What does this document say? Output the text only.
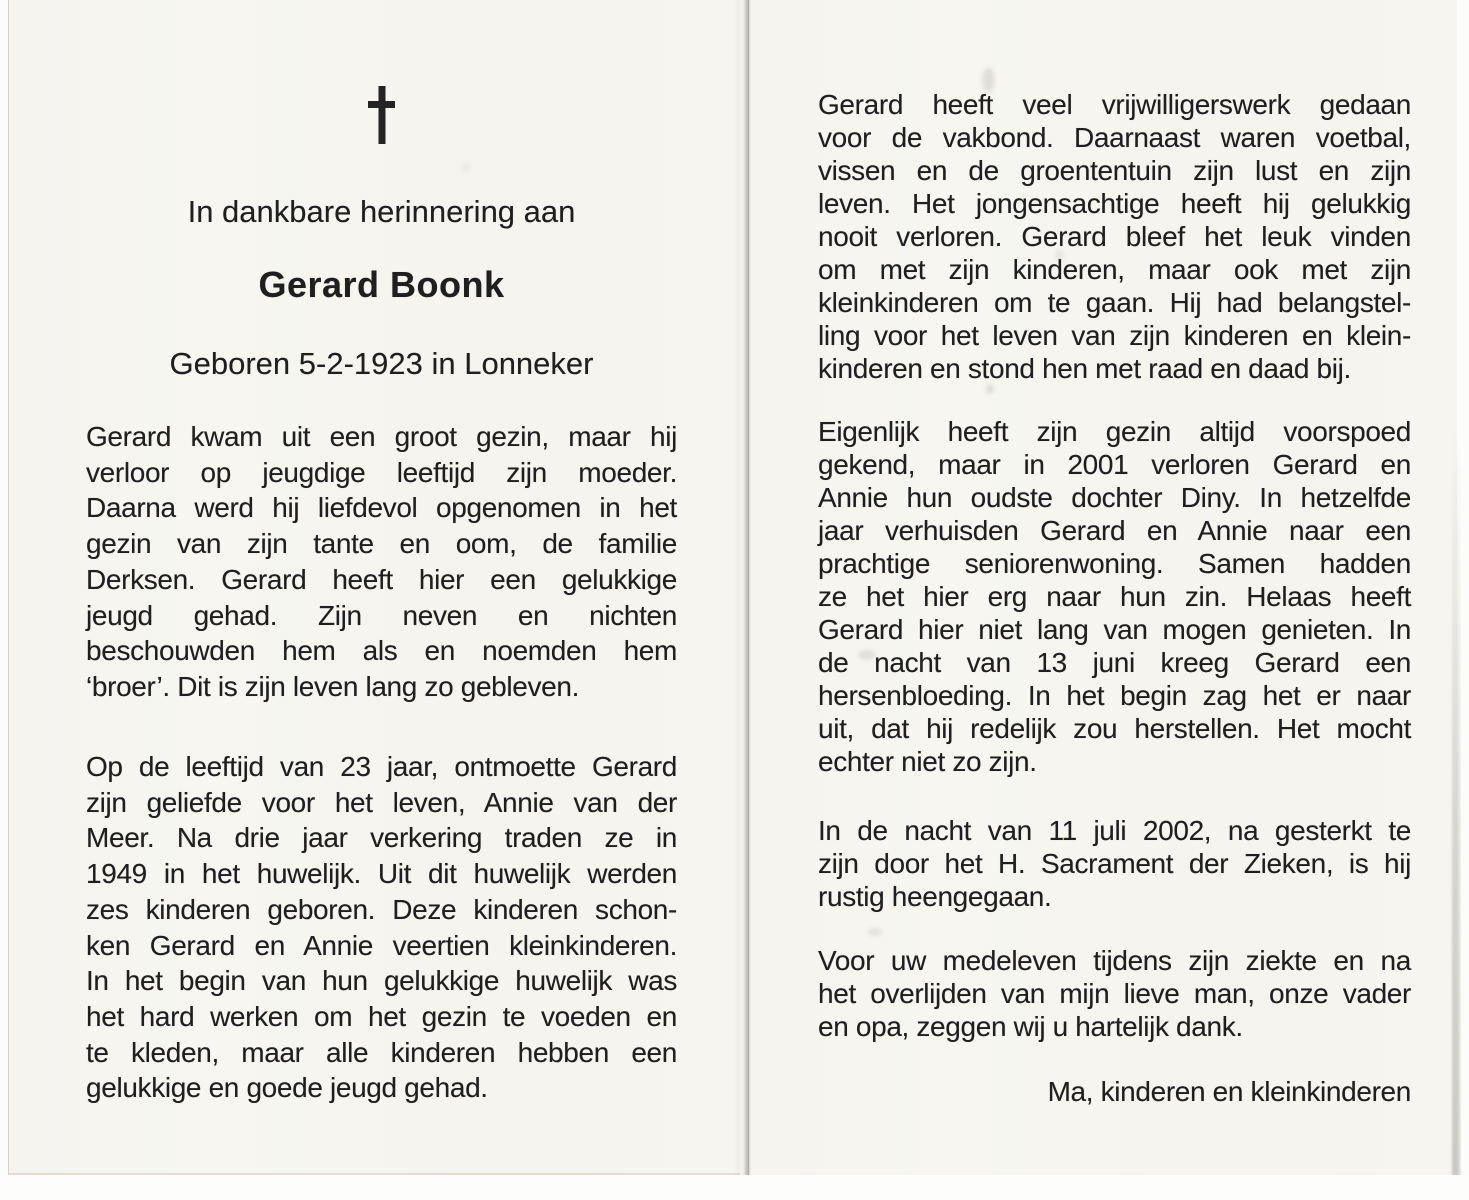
In dankbare herinnering aan
Gerard Boonk
Geboren 5-2-1923 in Lonneker
Gerard kwam uit een groot gezin, maar hij
verloor op jeugdige leeftijd zijn moeder.
Daarna werd hij liefdevol opgenomen in het
gezin van zijn tante en oom, de familie
Derksen. Gerard heeft hier een gelukkige
jeugd gehad. Zijn neven en nichten
beschouwden hem als en noemden hem
‘broer’. Dit is zijn leven lang zo gebleven.
Op de leeftijd van 23 jaar, ontmoette Gerard
zijn geliefde voor het leven, Annie van der
Meer. Na drie jaar verkering traden ze in
1949 in het huwelijk. Uit dit huwelijk werden
zes kinderen geboren. Deze kinderen schon-
ken Gerard en Annie veertien kleinkinderen.
In het begin van hun gelukkige huwelijk was
het hard werken om het gezin te voeden en
te kleden, maar alle kinderen hebben een
gelukkige en goede jeugd gehad.
Gerard heeft veel vrijwilligerswerk gedaan
voor de vakbond. Daarnaast waren voetbal,
vissen en de groententuin zijn lust en zijn
leven. Het jongensachtige heeft hij gelukkig
nooit verloren. Gerard bleef het leuk vinden
om met zijn kinderen, maar ook met zijn
kleinkinderen om te gaan. Hij had belangstel-
ling voor het leven van zijn kinderen en klein-
kinderen en stond hen met raad en daad bij.
Eigenlijk heeft zijn gezin altijd voorspoed
gekend, maar in 2001 verloren Gerard en
Annie hun oudste dochter Diny. In hetzelfde
jaar verhuisden Gerard en Annie naar een
prachtige seniorenwoning. Samen hadden
ze het hier erg naar hun zin. Helaas heeft
Gerard hier niet lang van mogen genieten. In
de nacht van 13 juni kreeg Gerard een
hersenbloeding. In het begin zag het er naar
uit, dat hij redelijk zou herstellen. Het mocht
echter niet zo zijn.
In de nacht van 11 juli 2002, na gesterkt te
zijn door het H. Sacrament der Zieken, is hij
rustig heengegaan.
Voor uw medeleven tijdens zijn ziekte en na
het overlijden van mijn lieve man, onze vader
en opa, zeggen wij u hartelijk dank.
Ma, kinderen en kleinkinderen
